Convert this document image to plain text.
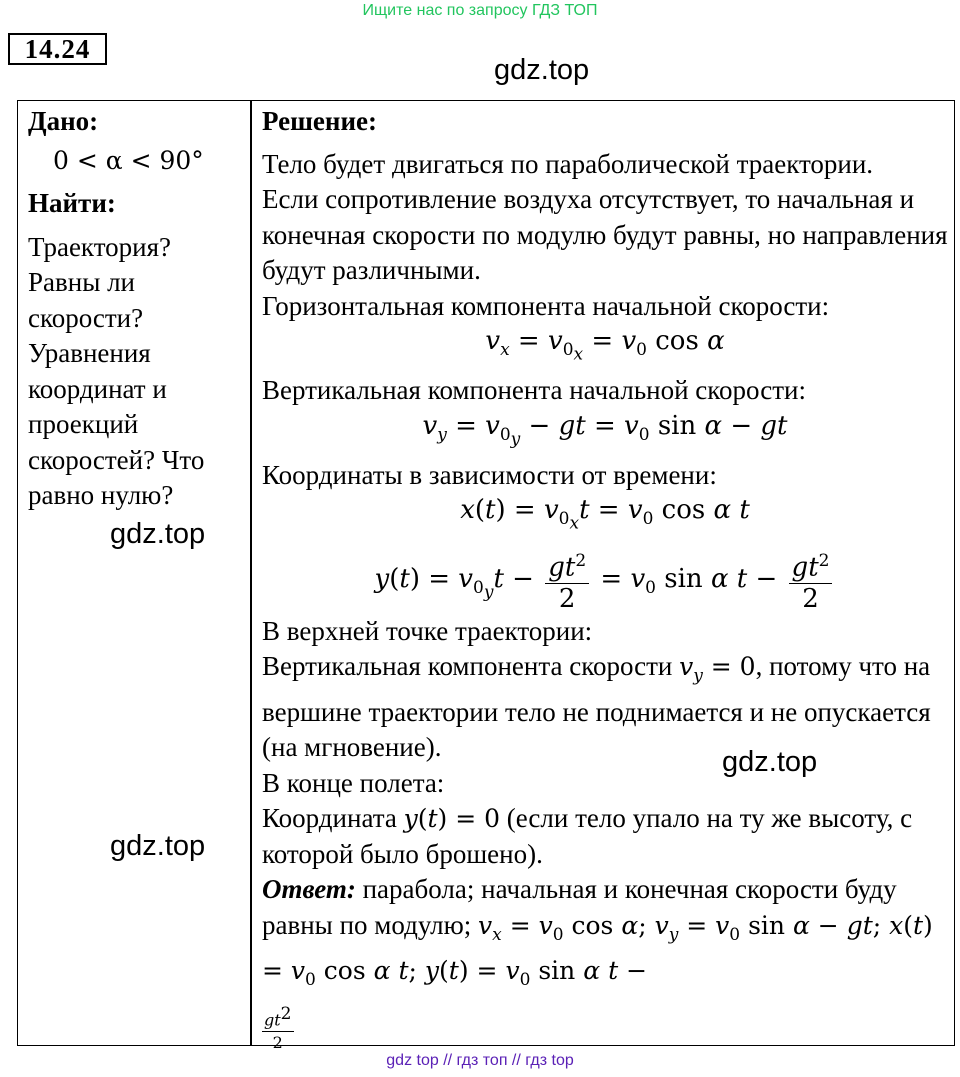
Ищите нас по запросу ГДЗ ТОП
14.24
gdz.top
Дано:
0 < α < 90°
Найти:
Траектория?
Равны ли скорости?
Уравнения координат и проекций скоростей? Что равно нулю?
gdz.top
gdz.top
gdz.top
Решение:
Тело будет двигаться по параболической траектории.
Если сопротивление воздуха отсутствует, то начальная и конечная скорости по модулю будут равны, но направления будут различными.
Горизонтальная компонента начальной скорости:
$v_x = v_{0_x} = v_0$ cos α
Вертикальная компонента начальной скорости:
$v_y = v_{0_y}$ − gt = $v_0$ sin α − gt
Координаты в зависимости от времени:
$x(t) = v_{0_x}t = v_0$ cos α t
$y(t) = v_{0_y}t - \frac{gt^2}{2} = v_0$ sin α $t - \frac{gt^2}{2}$
В верхней точке траектории:
Вертикальная компонента скорости $v_y = 0$, потому что на вершине траектории тело не поднимается и не опускается (на мгновение).
В конце полета:
Координата y(t) = 0 (если тело упало на ту же высоту, с которой было брошено).
Ответ: парабола; начальная и конечная скорости буду равны по модулю; $v_x = v_0$ cos α; $v_y = v_0$ sin α − gt; $x(t) = v_0$ cos α t; $y(t) = v_0$ sin α t −
$\frac{gt^2}{2}$
gdz top // гдз топ // гдз top
